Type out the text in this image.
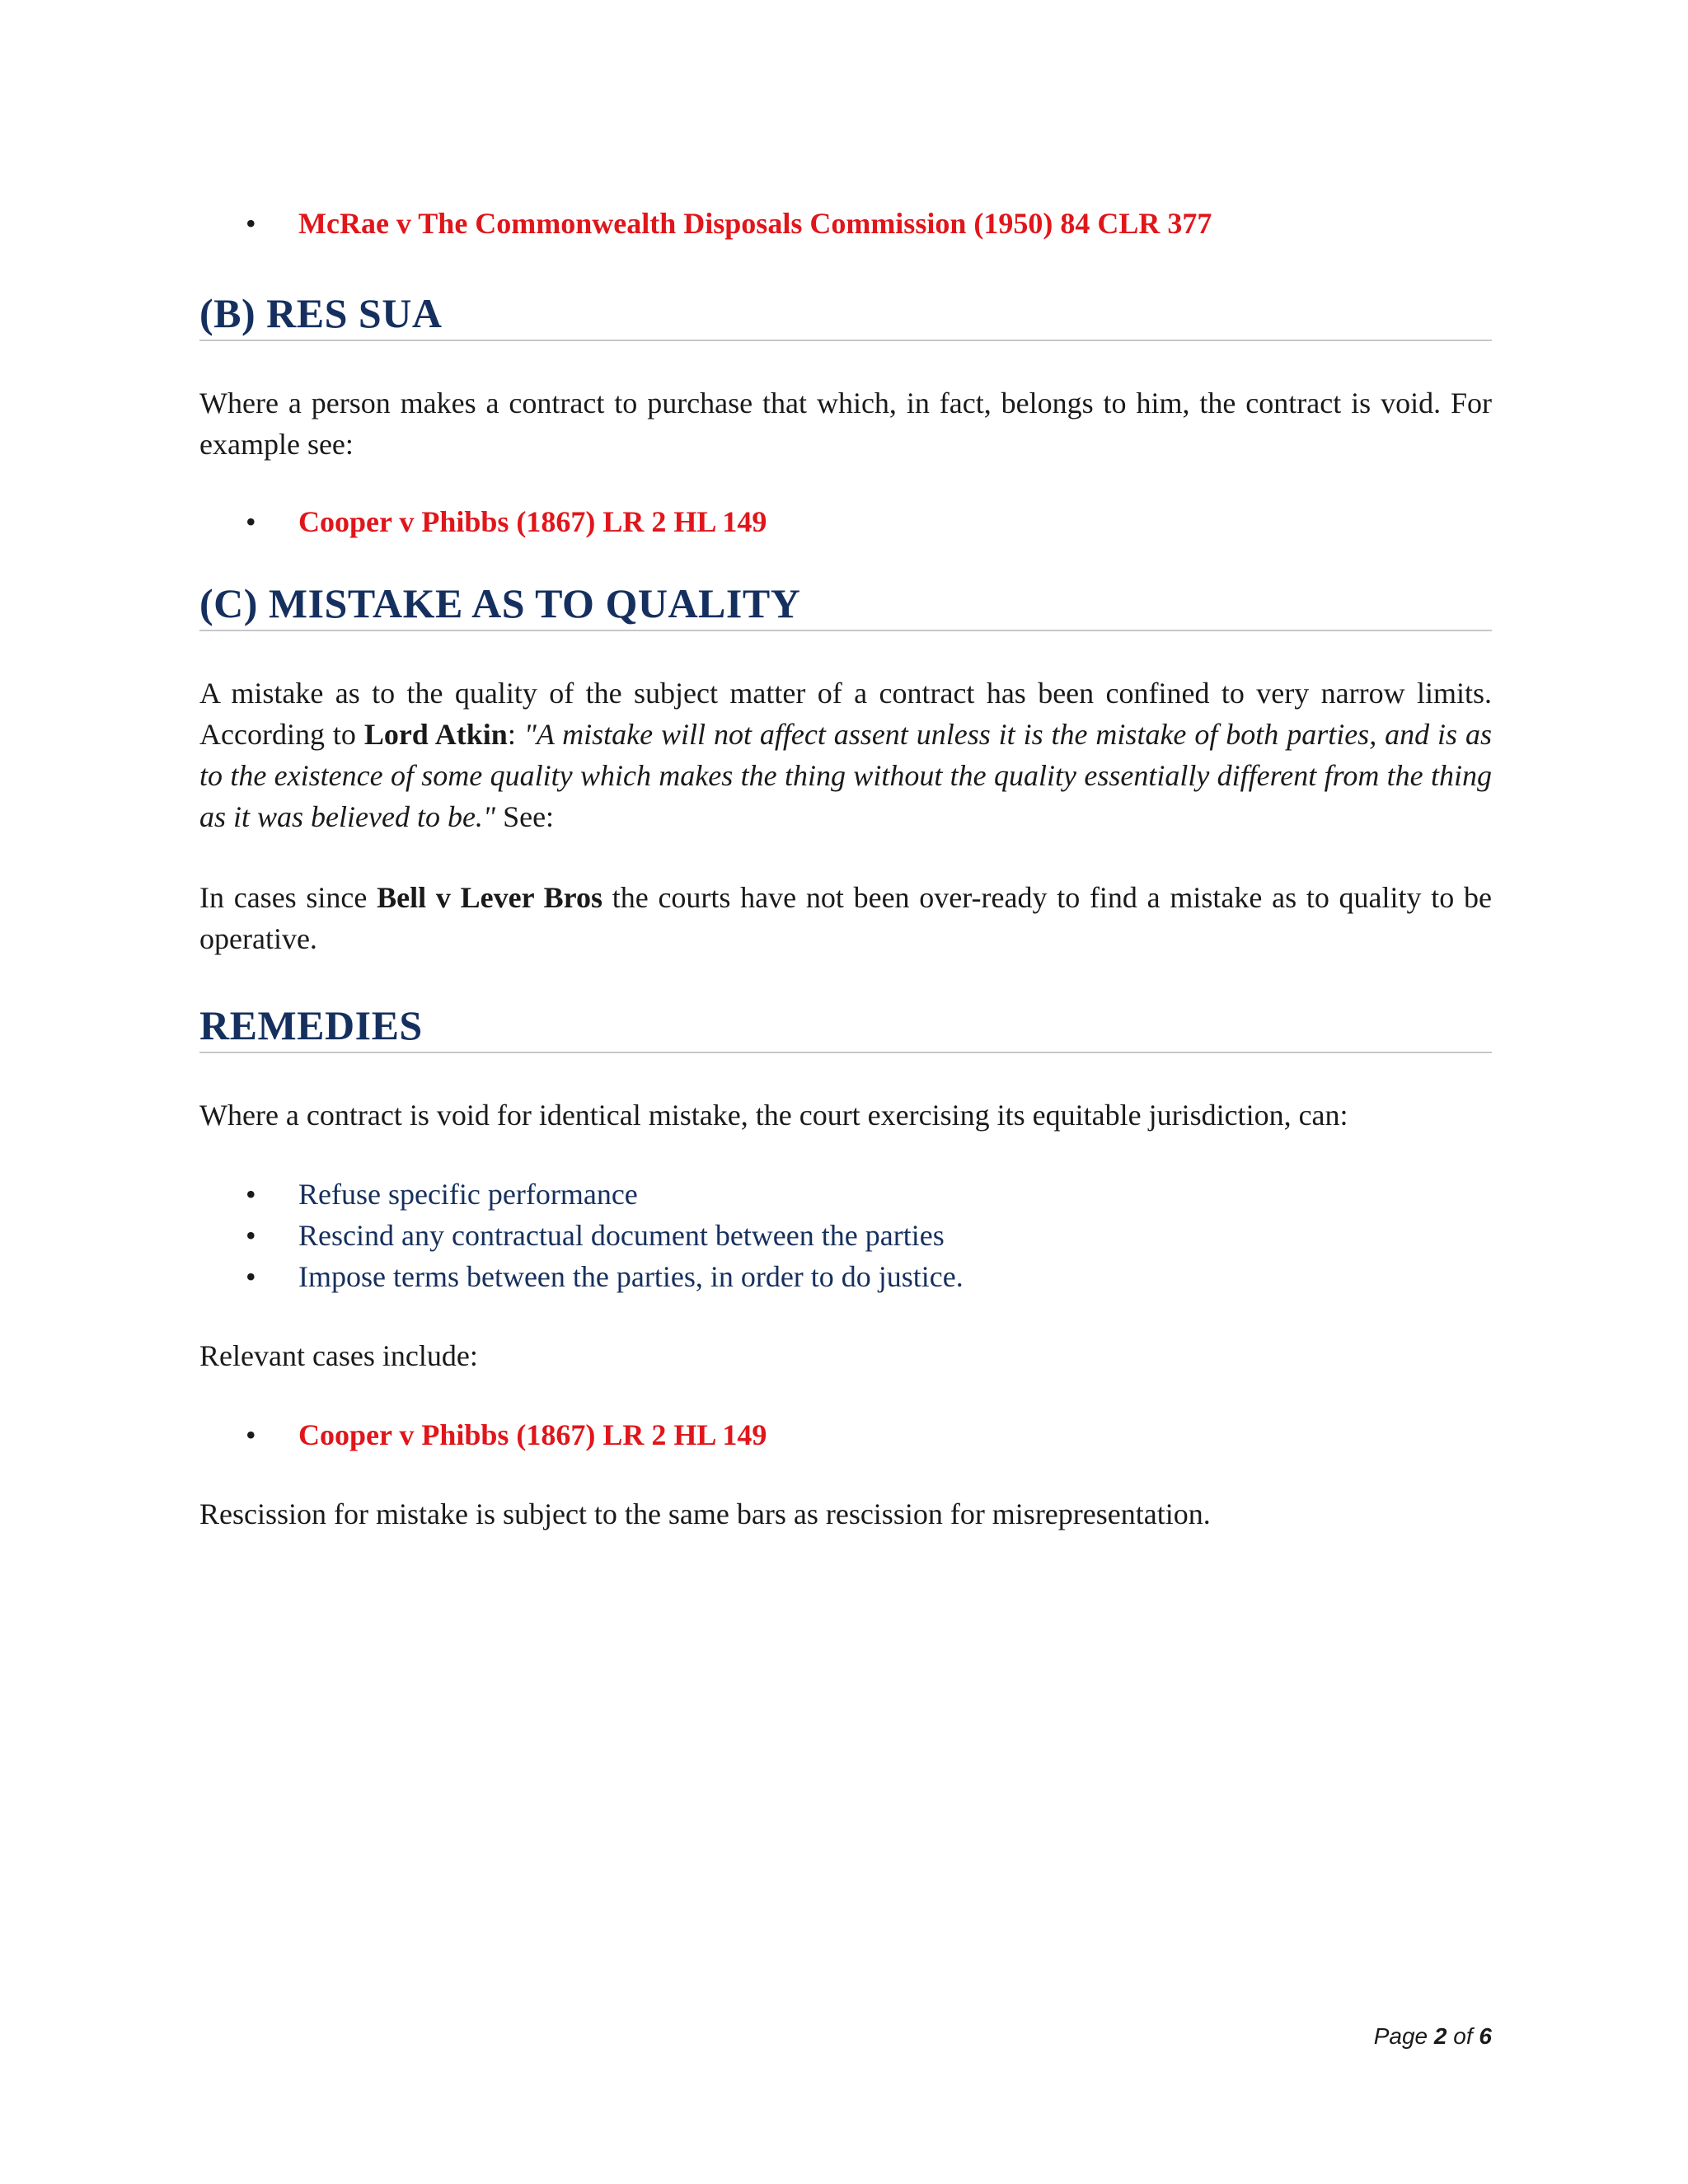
• McRae v The Commonwealth Disposals Commission (1950) 84 CLR 377
(B) RES SUA

Where a person makes a contract to purchase that which, in fact, belongs to him, the contract is void. For example see:

• Cooper v Phibbs (1867) LR 2 HL 149
(C) MISTAKE AS TO QUALITY

A mistake as to the quality of the subject matter of a contract has been confined to very narrow limits. According to Lord Atkin: "A mistake will not affect assent unless it is the mistake of both parties, and is as to the existence of some quality which makes the thing without the quality essentially different from the thing as it was believed to be." See:

In cases since Bell v Lever Bros the courts have not been over-ready to find a mistake as to quality to be operative.

REMEDIES

Where a contract is void for identical mistake, the court exercising its equitable jurisdiction, can:

• Refuse specific performance
• Rescind any contractual document between the parties
• Impose terms between the parties, in order to do justice.

Relevant cases include:

• Cooper v Phibbs (1867) LR 2 HL 149

Rescission for mistake is subject to the same bars as rescission for misrepresentation.

Page 2 of 6
